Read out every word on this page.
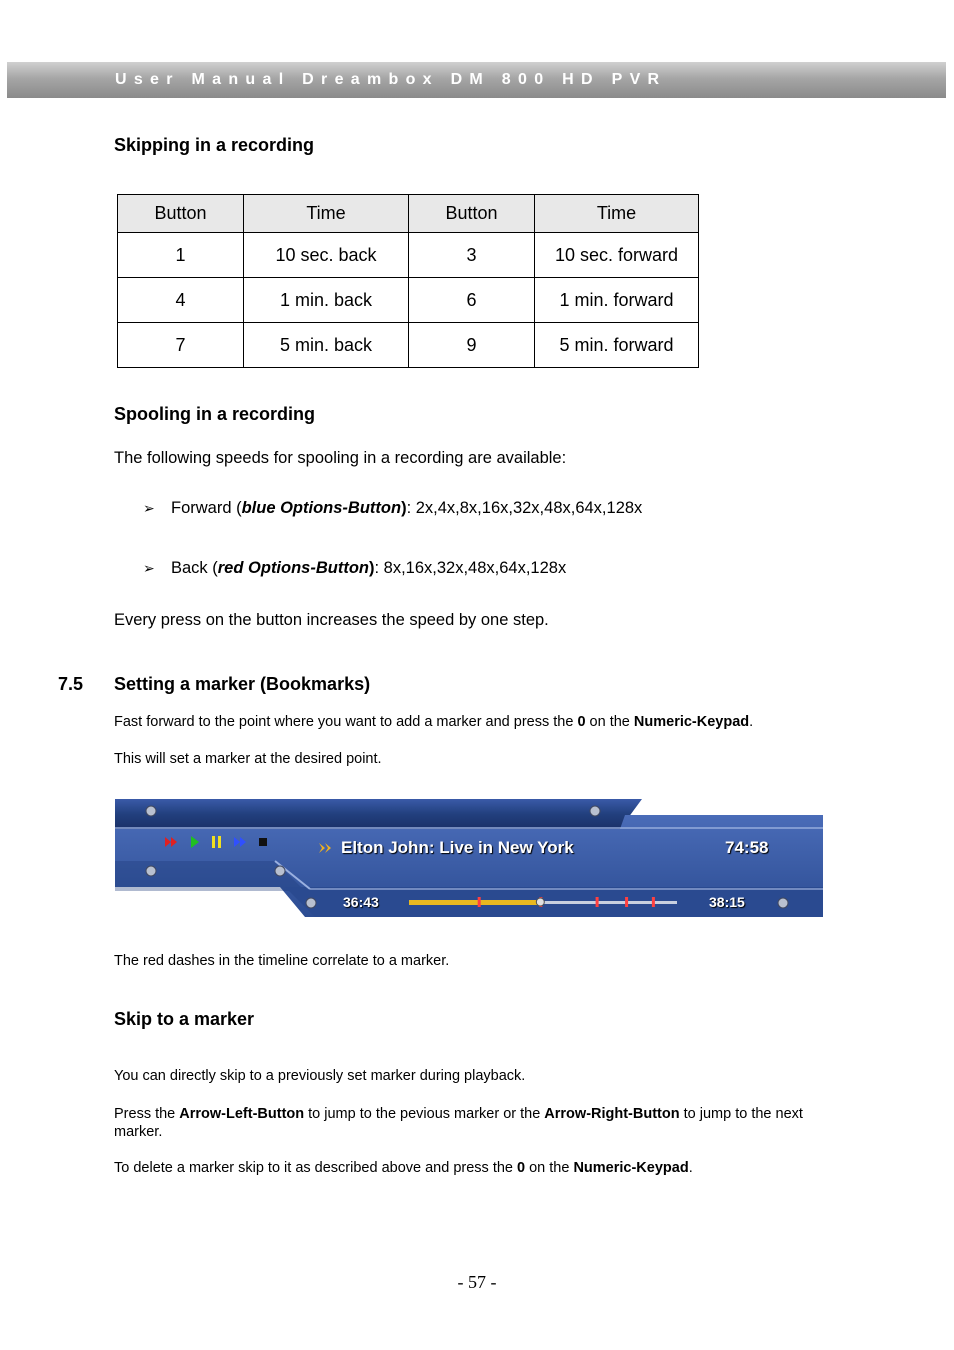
User Manual Dreambox DM 800 HD PVR
Skipping in a recording
Button	Time	Button	Time
1	10 sec. back	3	10 sec. forward
4	1 min. back	6	1 min. forward
7	5 min. back	9	5 min. forward
Spooling in a recording
The following speeds for spooling in a recording are available:
➢ Forward (blue Options-Button): 2x,4x,8x,16x,32x,48x,64x,128x
➢ Back (red Options-Button): 8x,16x,32x,48x,64x,128x
Every press on the button increases the speed by one step.
7.5 Setting a marker (Bookmarks)
Fast forward to the point where you want to add a marker and press the 0 on the Numeric-Keypad.
This will set a marker at the desired point.
Elton John: Live in New York	74:58
36:43	38:15
The red dashes in the timeline correlate to a marker.
Skip to a marker
You can directly skip to a previously set marker during playback.
Press the Arrow-Left-Button to jump to the pevious marker or the Arrow-Right-Button to jump to the next marker.
To delete a marker skip to it as described above and press the 0 on the Numeric-Keypad.
- 57 -
